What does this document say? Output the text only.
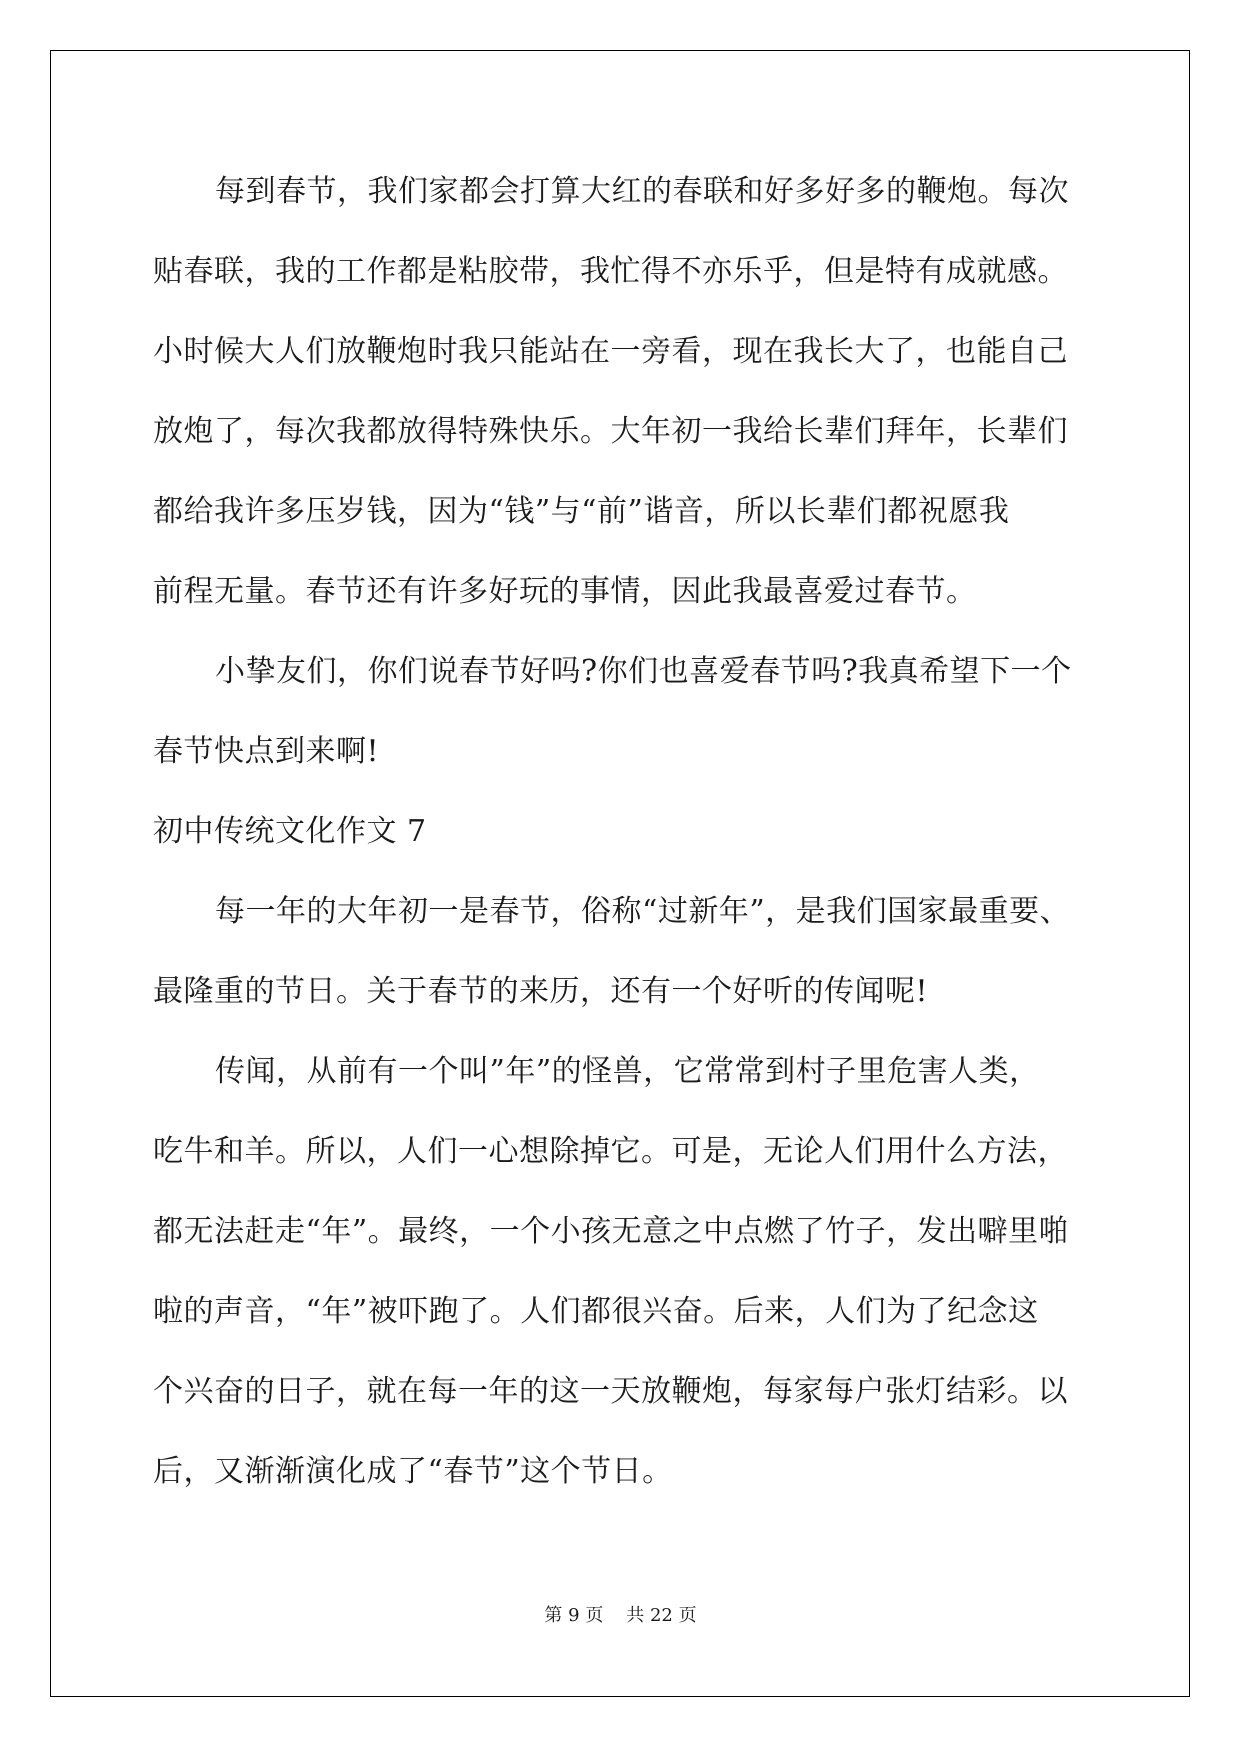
每到春节，我们家都会打算大红的春联和好多好多的鞭炮。每次
贴春联，我的工作都是粘胶带，我忙得不亦乐乎，但是特有成就感。
小时候大人们放鞭炮时我只能站在一旁看，现在我长大了，也能自己
放炮了，每次我都放得特殊快乐。大年初一我给长辈们拜年，长辈们
都给我许多压岁钱，因为“钱”与“前”谐音，所以长辈们都祝愿我
前程无量。春节还有许多好玩的事情，因此我最喜爱过春节。
小挚友们，你们说春节好吗?你们也喜爱春节吗?我真希望下一个
春节快点到来啊!
初中传统文化作文 7
每一年的大年初一是春节，俗称“过新年”，是我们国家最重要、
最隆重的节日。关于春节的来历，还有一个好听的传闻呢!
传闻，从前有一个叫”年”的怪兽，它常常到村子里危害人类，
吃牛和羊。所以，人们一心想除掉它。可是，无论人们用什么方法，
都无法赶走“年”。最终，一个小孩无意之中点燃了竹子，发出噼里啪
啦的声音，“年”被吓跑了。人们都很兴奋。后来，人们为了纪念这
个兴奋的日子，就在每一年的这一天放鞭炮，每家每户张灯结彩。以
后，又渐渐演化成了“春节”这个节日。
第 9 页 共 22 页
